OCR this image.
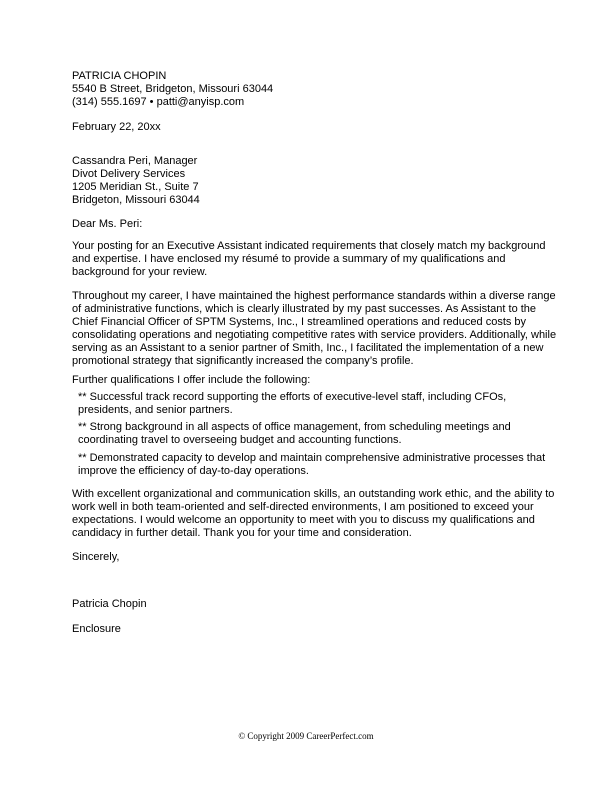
PATRICIA CHOPIN
5540 B Street, Bridgeton, Missouri 63044
(314) 555.1697 • patti@anyisp.com
February 22, 20xx
Cassandra Peri, Manager
Divot Delivery Services
1205 Meridian St., Suite 7
Bridgeton, Missouri 63044
Dear Ms. Peri:
Your posting for an Executive Assistant indicated requirements that closely match my background
and expertise. I have enclosed my résumé to provide a summary of my qualifications and
background for your review.
Throughout my career, I have maintained the highest performance standards within a diverse range
of administrative functions, which is clearly illustrated by my past successes. As Assistant to the
Chief Financial Officer of SPTM Systems, Inc., I streamlined operations and reduced costs by
consolidating operations and negotiating competitive rates with service providers. Additionally, while
serving as an Assistant to a senior partner of Smith, Inc., I facilitated the implementation of a new
promotional strategy that significantly increased the company’s profile.
Further qualifications I offer include the following:
** Successful track record supporting the efforts of executive-level staff, including CFOs,
presidents, and senior partners.
** Strong background in all aspects of office management, from scheduling meetings and
coordinating travel to overseeing budget and accounting functions.
** Demonstrated capacity to develop and maintain comprehensive administrative processes that
improve the efficiency of day-to-day operations.
With excellent organizational and communication skills, an outstanding work ethic, and the ability to
work well in both team-oriented and self-directed environments, I am positioned to exceed your
expectations. I would welcome an opportunity to meet with you to discuss my qualifications and
candidacy in further detail. Thank you for your time and consideration.
Sincerely,
Patricia Chopin
Enclosure
© Copyright 2009 CareerPerfect.com
